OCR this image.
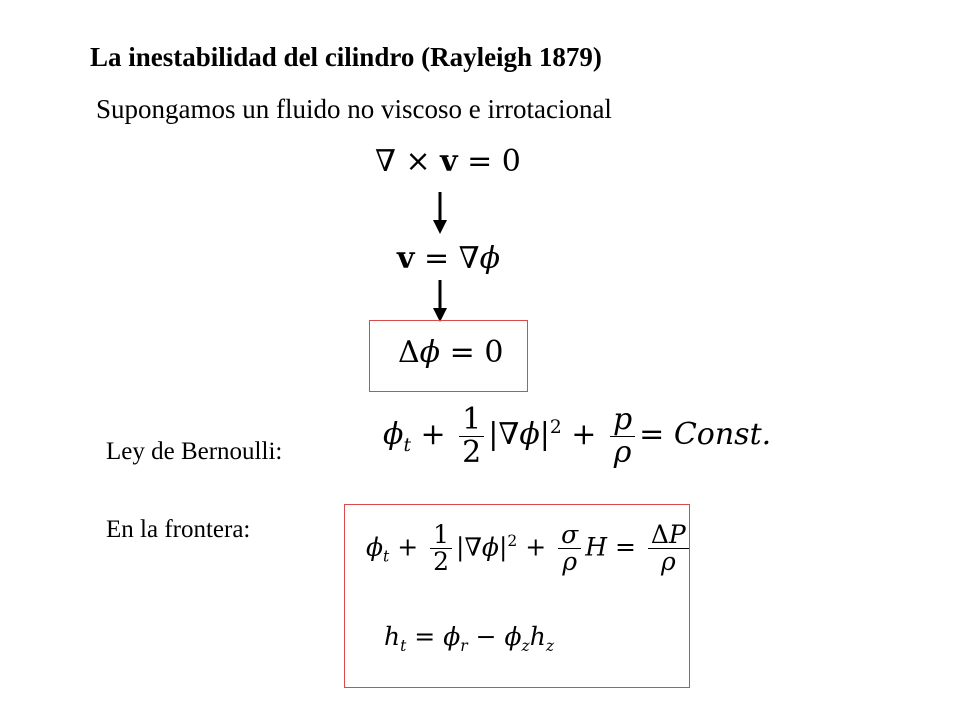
La inestabilidad del cilindro (Rayleigh 1879)
Supongamos un fluido no viscoso e irrotacional
∇ × v = 0
v = ∇ϕ
Δϕ = 0
Ley de Bernoulli:	$\phi_t + \frac{1}{2} |\nabla\phi|^2 + \frac{p}{\rho}$ = Const.
En la frontera:
$\phi_t + \frac{1}{2} |\nabla\phi|^2 + \frac{\sigma}{\rho}$ $H = \frac{\Delta P}{\rho}$
$h_t = \phi_r - \phi_zh_z$
